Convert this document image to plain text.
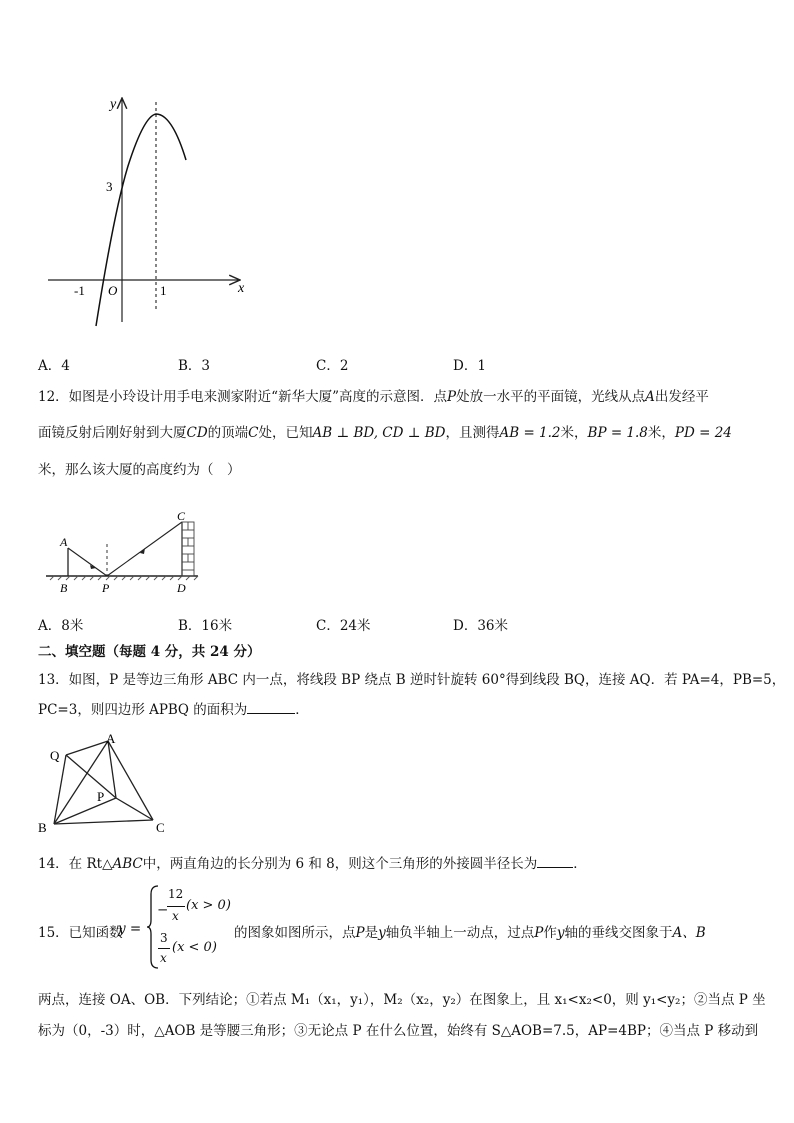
y
x
3
-1 O	1
A．4	B．3	C．2	D．1
12．如图是小玲设计用手电来测家附近“新华大厦”高度的示意图．点P处放一水平的平面镜，光线从点A出发经平
面镜反射后刚好射到大厦CD的顶端C处，已知AB ⊥ BD, CD ⊥ BD，且测得AB = 1.2米，BP = 1.8米，PD = 24
米，那么该大厦的高度约为（　）
A
B	P
C
D
A．8米	B．16米	C．24米	D．36米
二、填空题（每题 4 分，共 24 分）
13．如图，P 是等边三角形 ABC 内一点，将线段 BP 绕点 B 逆时针旋转 60°得到线段 BQ，连接 AQ．若 PA=4，PB=5，
PC=3，则四边形 APBQ 的面积为	．
Q
A
P
B	C
14．在 Rt△ABC中，两直角边的长分别为 6 和 8，则这个三角形的外接圆半径长为	．
15．已知函数
y =
−
12
x
(x > 0)
3
x
(x < 0)
的图象如图所示，点P是y轴负半轴上一动点，过点P作y轴的垂线交图象于A、B
两点，连接 OA、OB．下列结论；①若点 M₁（x₁，y₁），M₂（x₂，y₂）在图象上，且 x₁<x₂<0，则 y₁<y₂；②当点 P 坐
标为（0，-3）时，△AOB 是等腰三角形；③无论点 P 在什么位置，始终有 S△AOB=7.5，AP=4BP；④当点 P 移动到
